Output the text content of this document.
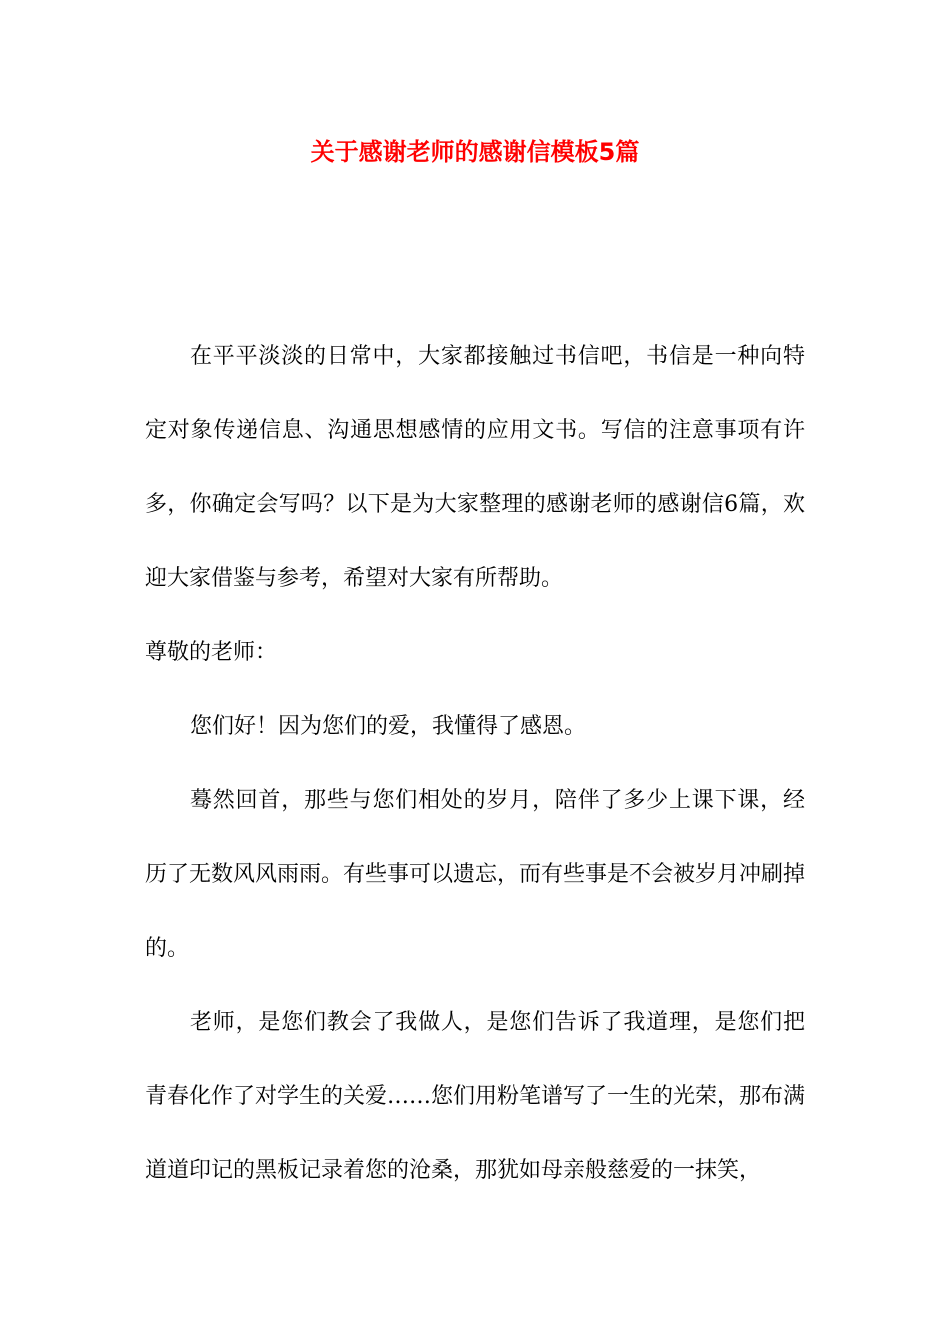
关于感谢老师的感谢信模板5篇

在平平淡淡的日常中，大家都接触过书信吧，书信是一种向特定对象传递信息、沟通思想感情的应用文书。写信的注意事项有许多，你确定会写吗？以下是为大家整理的感谢老师的感谢信6篇，欢迎大家借鉴与参考，希望对大家有所帮助。

尊敬的老师：

您们好！因为您们的爱，我懂得了感恩。

蓦然回首，那些与您们相处的岁月，陪伴了多少上课下课，经历了无数风风雨雨。有些事可以遗忘，而有些事是不会被岁月冲刷掉的。

老师，是您们教会了我做人，是您们告诉了我道理，是您们把青春化作了对学生的关爱……您们用粉笔谱写了一生的光荣，那布满道道印记的黑板记录着您的沧桑，那犹如母亲般慈爱的一抹笑，
